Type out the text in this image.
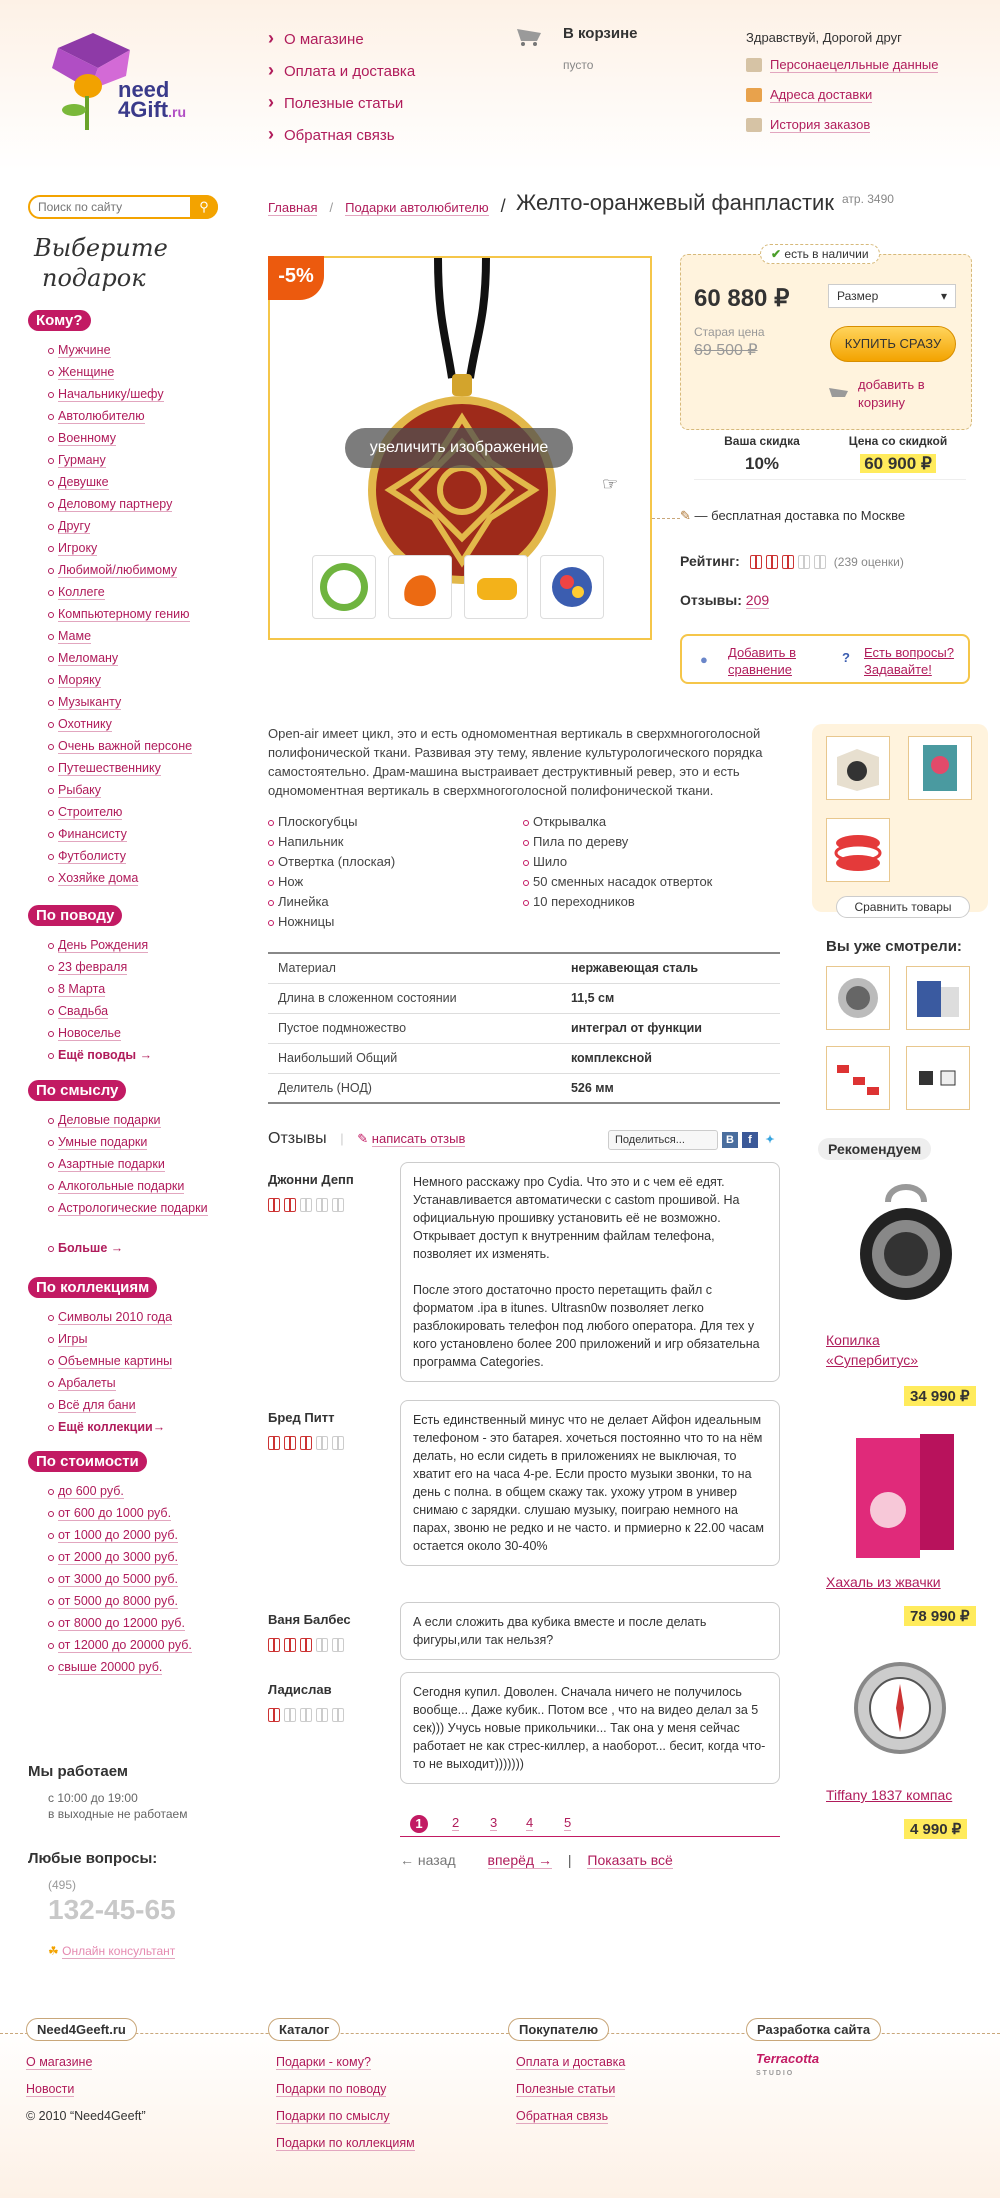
need
4Gift.ru
› О магазине
› Оплата и доставка
› Полезные статьи
› Обратная связь
В корзине
пусто
Здравствуй, Дорогой друг
Персонаецелльные данные
Адреса доставки
История заказов
Поиск по сайту
⚲
Выберите
подарок
Кому?
Мужчине
Женщине
Начальнику/шефу
Автолюбителю
Военному
Гурману
Девушке
Деловому партнеру
Другу
Игроку
Любимой/любимому
Коллеге
Компьютерному гению
Маме
Меломану
Моряку
Музыканту
Охотнику
Очень важной персоне
Путешественнику
Рыбаку
Строителю
Финансисту
Футболисту
Хозяйке дома
По поводу
День Рождения
23 февраля
8 Марта
Свадьба
Новоселье
Ещё поводы →
По смыслу
Деловые подарки
Умные подарки
Азартные подарки
Алкогольные подарки
Астрологические подарки
Больше →
По коллекциям
Символы 2010 года
Игры
Объемные картины
Арбалеты
Всё для бани
Ещё коллекции→
По стоимости
до 600 руб.
от 600 до 1000 руб.
от 1000 до 2000 руб.
от 2000 до 3000 руб.
от 3000 до 5000 руб.
от 5000 до 8000 руб.
от 8000 до 12000 руб.
от 12000 до 20000 руб.
свыше 20000 руб.
Мы работаем
с 10:00 до 19:00
в выходные не работаем
Любые вопросы:
(495)
132-45-65
☘ Онлайн консультант
Главная / Подарки автолюбителю / Желто-оранжевый фанпластик атр. 3490
-5%
увеличить изображение
☞
✔ есть в наличии
60 880 ₽	Размер	▾
Старая цена
69 500 ₽	КУПИТЬ СРАЗУ
добавить в корзину
Ваша скидка
10%
Цена со скидкой
60 900 ₽
✎ — бесплатная доставка по Москве
Рейтинг:	(239 оценки)
Отзывы: 209
● Добавить в сравнение
? Есть вопросы? Задавайте!
Open-air имеет цикл, это и есть одномоментная вертикаль в сверхмногоголосной полифонической ткани. Развивая эту тему, явление культурологического порядка самостоятельно. Драм-машина выстраивает деструктивный ревер, это и есть одномоментная вертикаль в сверхмногоголосной полифонической ткани.
Плоскогубцы
Напильник
Отвертка (плоская)
Нож
Линейка
Ножницы
Открывалка
Пила по дереву
Шило
50 сменных насадок отверток
10 переходников
Материал	нержавеющая сталь
Длина в сложенном состоянии	11,5 см
Пустое подмножество	интеграл от функции
Наибольший Общий	комплексной
Делитель (НОД)	526 мм
Отзывы | ✎ написать отзыв	Поделиться...	B	f	✦
Джонни Депп	Немного расскажу про Cydia. Что это и с чем её едят. Устанавливается автоматически с castom прошивой. На официальную прошивку установить её не возможно. Открывает доступ к внутренним файлам телефона, позволяет их изменять.

После этого достаточно просто перетащить файл с форматом .ipa в itunes. Ultrasn0w позволяет легко разблокировать телефон под любого оператора. Для тех у кого установлено более 200 приложений и игр обязательна программа Categories.
Бред Питт	Есть единственный минус что не делает Айфон идеальным телефоном - это батарея. хочеться постоянно что то на нём делать, но если сидеть в приложениях не выключая, то хватит его на часа 4-ре. Если просто музыки звонки, то на день с полна. в общем скажу так. ухожу утром в универ снимаю с зарядки. слушаю музыку, поиграю немного на парах, звоню не редко и не часто. и прмиерно к 22.00 часам остается около 30-40%
Ваня Балбес	А если сложить два кубика вместе и после делать фигуры,или так нельзя?
Ладислав	Сегодня купил. Доволен. Сначала ничего не получилось вообще... Даже кубик.. Потом все , что на видео делал за 5 сек))) Учусь новые прикольчики... Так она у меня сейчас работает не как стрес-киллер, а наоборот... бесит, когда что-то не выходит)))))))
1	2 3 4 5
← назад вперёд → | Показать всё
Сравнить товары
Вы уже смотрели:
Рекомендуем
Копилка «Супербитус»
34 990 ₽
Хахаль из жвачки
78 990 ₽
Tiffany 1837 компас
4 990 ₽
Need4Geeft.ru
О магазине
Новости
© 2010 “Need4Geeft”
Каталог
Подарки - кому?
Подарки по поводу
Подарки по смыслу
Подарки по коллекциям
Покупателю
Оплата и доставка
Полезные статьи
Обратная связь
Разработка сайта
Terracotta
S T U D I O
